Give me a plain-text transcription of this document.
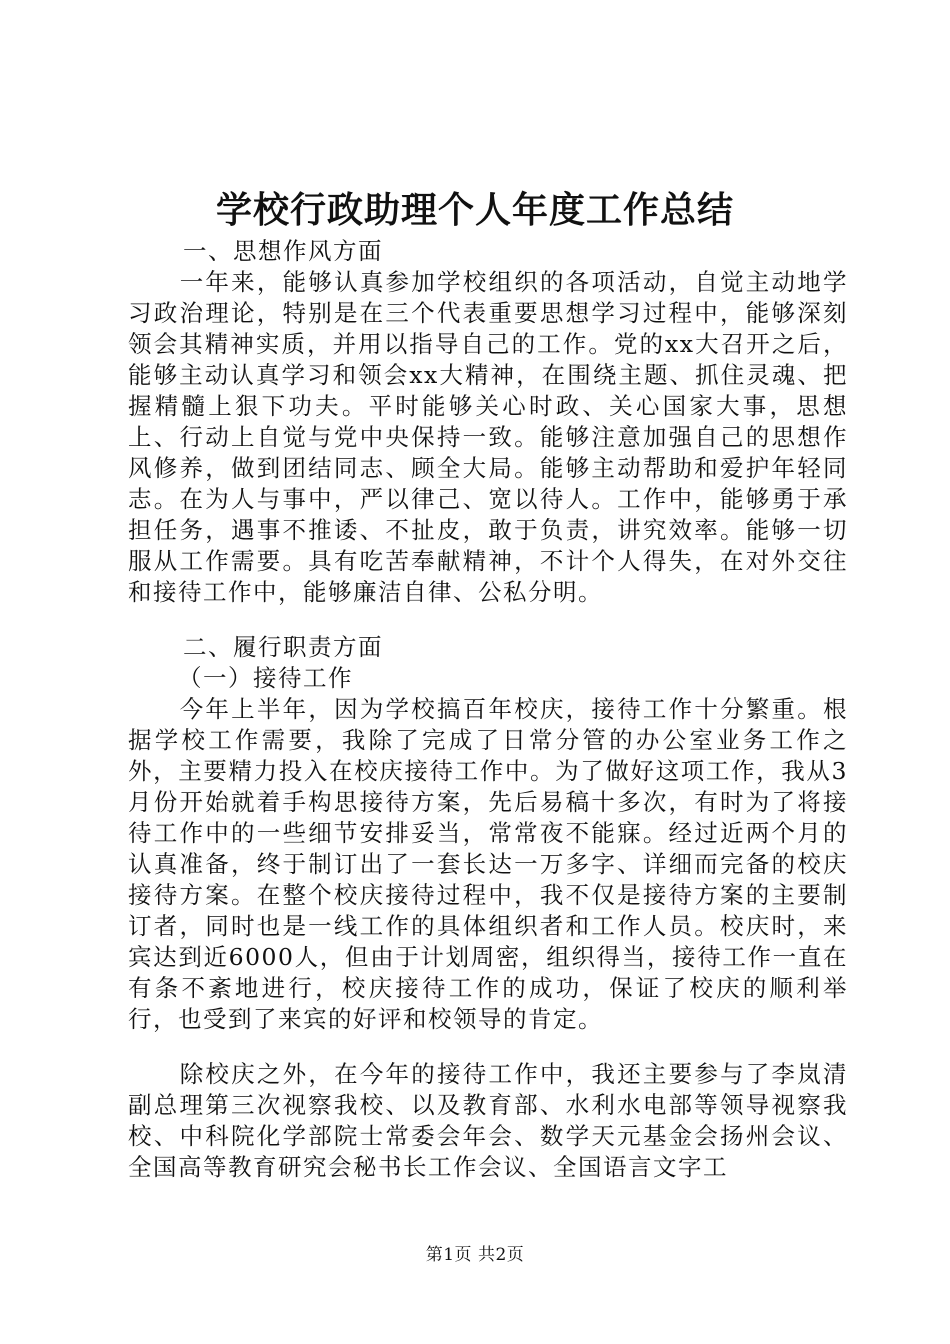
学校行政助理个人年度工作总结

一、思想作风方面

一年来，能够认真参加学校组织的各项活动，自觉主动地学习政治理论，特别是在三个代表重要思想学习过程中，能够深刻领会其精神实质，并用以指导自己的工作。党的xx大召开之后，能够主动认真学习和领会xx大精神，在围绕主题、抓住灵魂、把握精髓上狠下功夫。平时能够关心时政、关心国家大事，思想上、行动上自觉与党中央保持一致。能够注意加强自己的思想作风修养，做到团结同志、顾全大局。能够主动帮助和爱护年轻同志。在为人与事中，严以律己、宽以待人。工作中，能够勇于承担任务，遇事不推诿、不扯皮，敢于负责，讲究效率。能够一切服从工作需要。具有吃苦奉献精神，不计个人得失，在对外交往和接待工作中，能够廉洁自律、公私分明。

二、履行职责方面

（一）接待工作

今年上半年，因为学校搞百年校庆，接待工作十分繁重。根据学校工作需要，我除了完成了日常分管的办公室业务工作之外，主要精力投入在校庆接待工作中。为了做好这项工作，我从3月份开始就着手构思接待方案，先后易稿十多次，有时为了将接待工作中的一些细节安排妥当，常常夜不能寐。经过近两个月的认真准备，终于制订出了一套长达一万多字、详细而完备的校庆接待方案。在整个校庆接待过程中，我不仅是接待方案的主要制订者，同时也是一线工作的具体组织者和工作人员。校庆时，来宾达到近6000人，但由于计划周密，组织得当，接待工作一直在有条不紊地进行，校庆接待工作的成功，保证了校庆的顺利举行，也受到了来宾的好评和校领导的肯定。

除校庆之外，在今年的接待工作中，我还主要参与了李岚清副总理第三次视察我校、以及教育部、水利水电部等领导视察我校、中科院化学部院士常委会年会、数学天元基金会扬州会议、全国高等教育研究会秘书长工作会议、全国语言文字工

第1页 共2页
